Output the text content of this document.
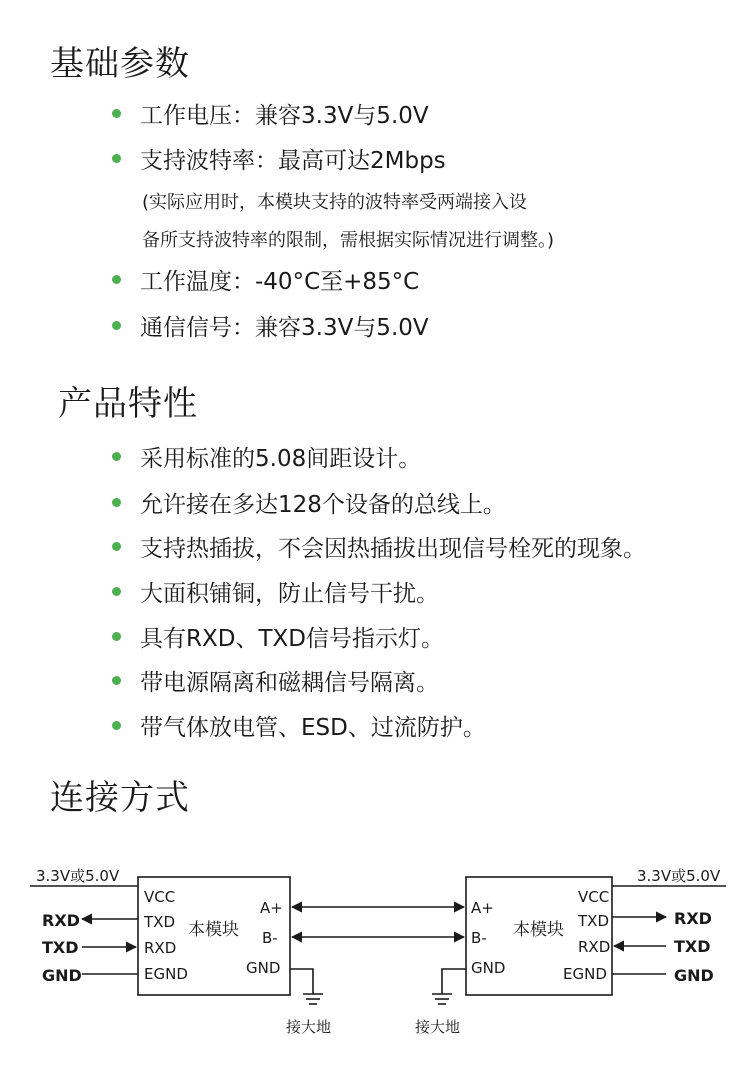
基础参数
工作电压：兼容3.3V与5.0V
支持波特率：最高可达2Mbps
(实际应用时，本模块支持的波特率受两端接入设
备所支持波特率的限制，需根据实际情况进行调整。)
工作温度：-40°C至+85°C
通信信号：兼容3.3V与5.0V
产品特性
采用标准的5.08间距设计。
允许接在多达128个设备的总线上。
支持热插拔，不会因热插拔出现信号栓死的现象。
大面积铺铜，防止信号干扰。
具有RXD、TXD信号指示灯。
带电源隔离和磁耦信号隔离。
带气体放电管、ESD、过流防护。
连接方式
3.3V或5.0V
RXD
TXD
GND
VCC
TXD
RXD
EGND
本模块
A+
B-
GND
接大地
3.3V或5.0V
RXD
TXD
GND
VCC
TXD
RXD
EGND
本模块
A+
B-
GND
接大地
